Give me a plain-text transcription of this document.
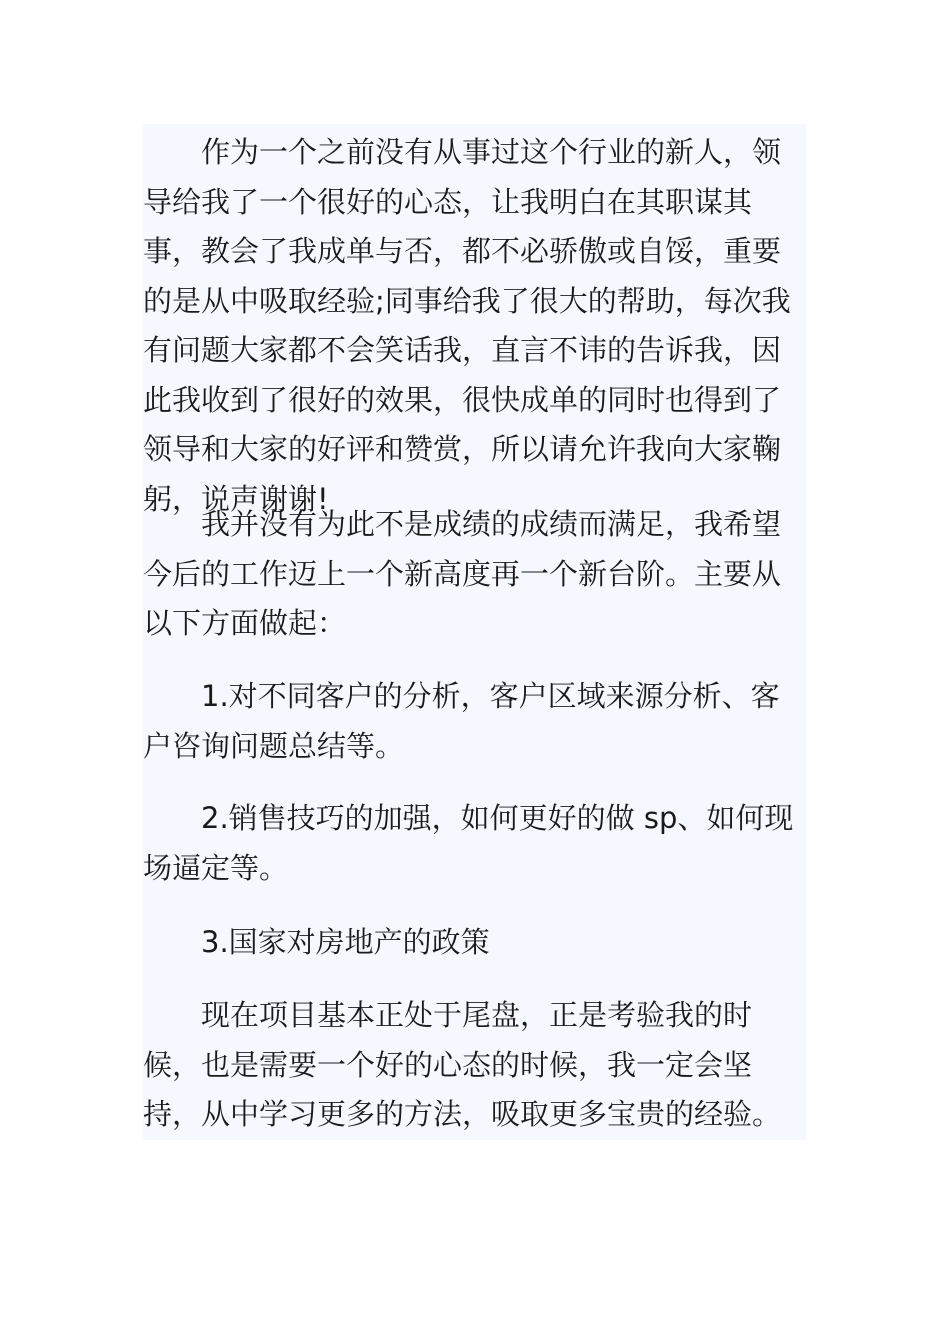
作为一个之前没有从事过这个行业的新人，领导给我了一个很好的心态，让我明白在其职谋其事，教会了我成单与否，都不必骄傲或自馁，重要的是从中吸取经验;同事给我了很大的帮助，每次我有问题大家都不会笑话我，直言不讳的告诉我，因此我收到了很好的效果，很快成单的同时也得到了领导和大家的好评和赞赏，所以请允许我向大家鞠躬，说声谢谢!

我并没有为此不是成绩的成绩而满足，我希望今后的工作迈上一个新高度再一个新台阶。主要从以下方面做起：

1.对不同客户的分析，客户区域来源分析、客户咨询问题总结等。

2.销售技巧的加强，如何更好的做 sp、如何现场逼定等。

3.国家对房地产的政策

现在项目基本正处于尾盘，正是考验我的时候，也是需要一个好的心态的时候，我一定会坚持，从中学习更多的方法，吸取更多宝贵的经验。
